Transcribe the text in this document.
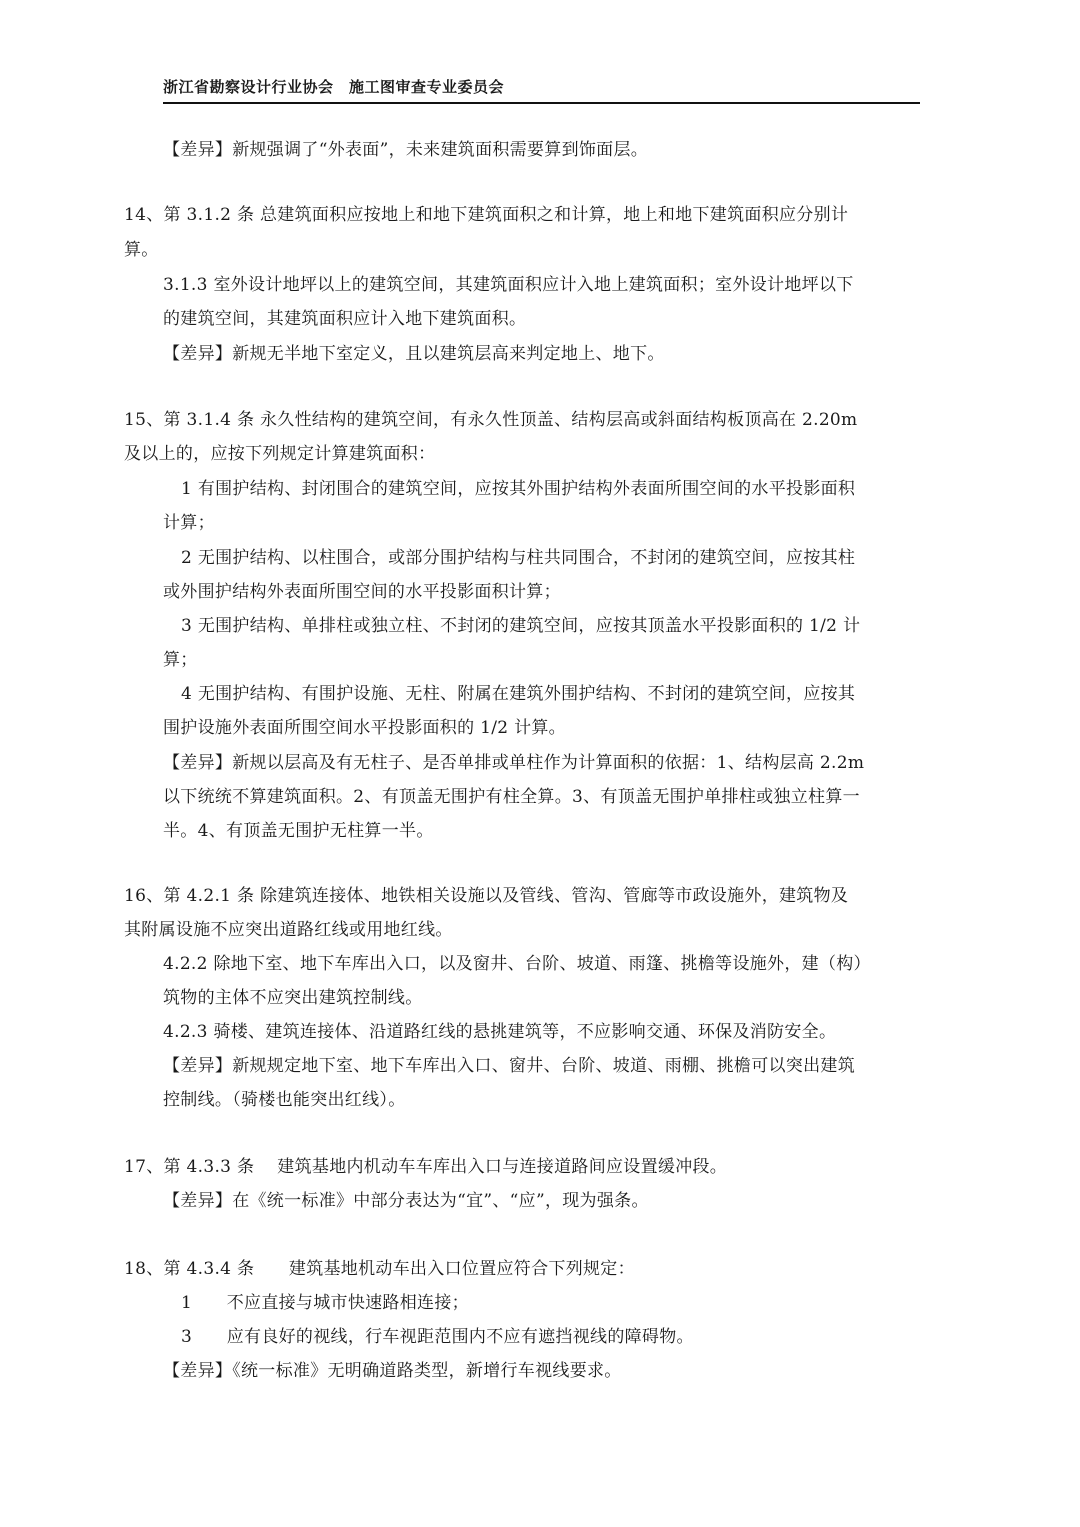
浙江省勘察设计行业协会　施工图审查专业委员会
【差异】新规强调了“外表面”，未来建筑面积需要算到饰面层。
14、第 3.1.2 条 总建筑面积应按地上和地下建筑面积之和计算，地上和地下建筑面积应分别计
算。
3.1.3 室外设计地坪以上的建筑空间，其建筑面积应计入地上建筑面积；室外设计地坪以下
的建筑空间，其建筑面积应计入地下建筑面积。
【差异】新规无半地下室定义，且以建筑层高来判定地上、地下。
15、第 3.1.4 条 永久性结构的建筑空间，有永久性顶盖、结构层高或斜面结构板顶高在 2.20m
及以上的，应按下列规定计算建筑面积：
1 有围护结构、封闭围合的建筑空间，应按其外围护结构外表面所围空间的水平投影面积
计算；
2 无围护结构、以柱围合，或部分围护结构与柱共同围合，不封闭的建筑空间，应按其柱
或外围护结构外表面所围空间的水平投影面积计算；
3 无围护结构、单排柱或独立柱、不封闭的建筑空间，应按其顶盖水平投影面积的 1/2 计
算；
4 无围护结构、有围护设施、无柱、附属在建筑外围护结构、不封闭的建筑空间，应按其
围护设施外表面所围空间水平投影面积的 1/2 计算。
【差异】新规以层高及有无柱子、是否单排或单柱作为计算面积的依据：1、结构层高 2.2m
以下统统不算建筑面积。2、有顶盖无围护有柱全算。3、有顶盖无围护单排柱或独立柱算一
半。4、有顶盖无围护无柱算一半。
16、第 4.2.1 条 除建筑连接体、地铁相关设施以及管线、管沟、管廊等市政设施外，建筑物及
其附属设施不应突出道路红线或用地红线。
4.2.2 除地下室、地下车库出入口，以及窗井、台阶、坡道、雨篷、挑檐等设施外，建（构）
筑物的主体不应突出建筑控制线。
4.2.3 骑楼、建筑连接体、沿道路红线的悬挑建筑等，不应影响交通、环保及消防安全。
【差异】新规规定地下室、地下车库出入口、窗井、台阶、坡道、雨棚、挑檐可以突出建筑
控制线。（骑楼也能突出红线）。
17、第 4.3.3 条　 建筑基地内机动车车库出入口与连接道路间应设置缓冲段。
【差异】在《统一标准》中部分表达为“宜”、“应”，现为强条。
18、第 4.3.4 条　　建筑基地机动车出入口位置应符合下列规定：
1　　不应直接与城市快速路相连接；
3　　应有良好的视线，行车视距范围内不应有遮挡视线的障碍物。
【差异】《统一标准》无明确道路类型，新增行车视线要求。
